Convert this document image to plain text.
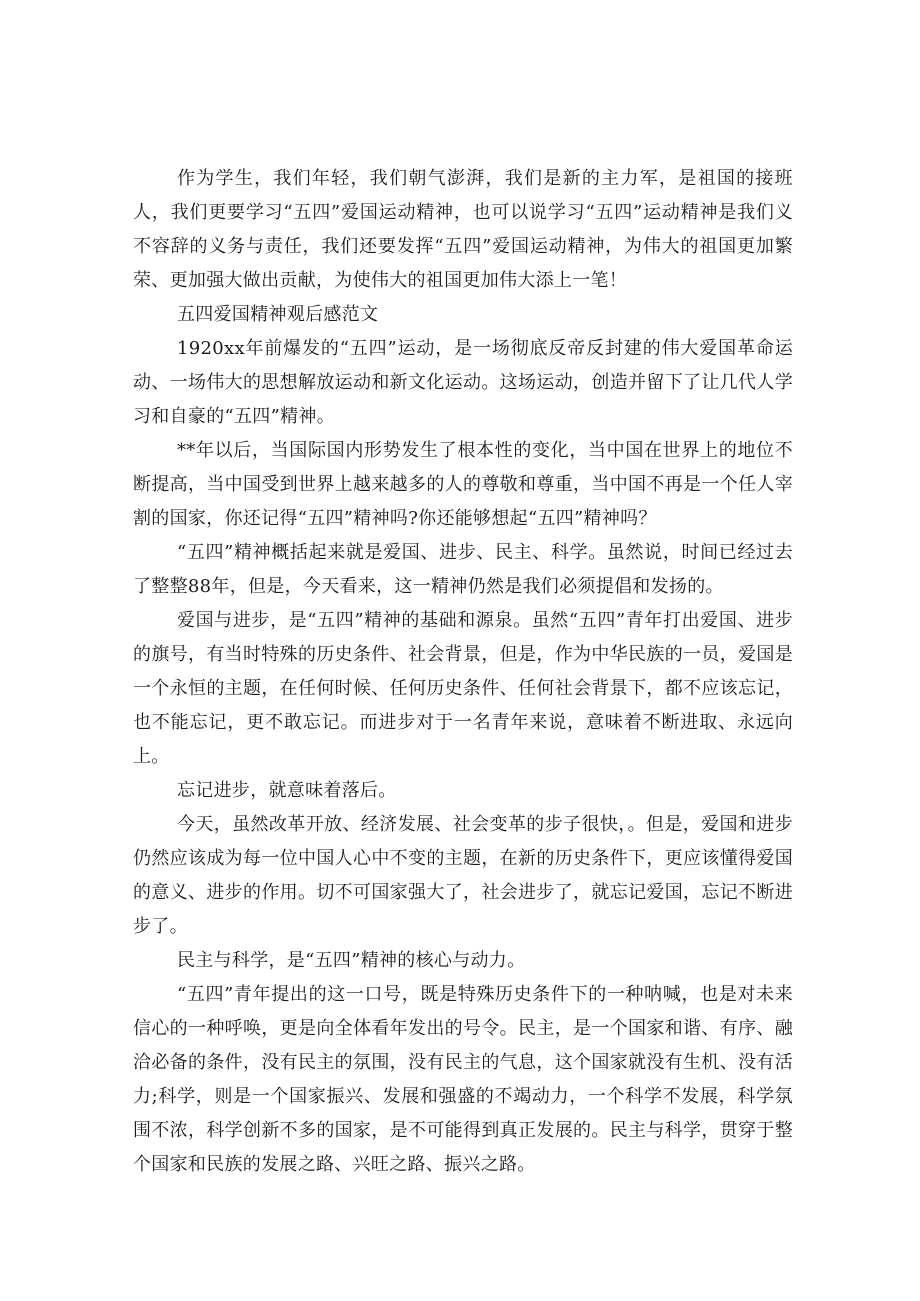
作为学生，我们年轻，我们朝气澎湃，我们是新的主力军，是祖国的接班人，我们更要学习“五四”爱国运动精神，也可以说学习“五四”运动精神是我们义不容辞的义务与责任，我们还要发挥“五四”爱国运动精神，为伟大的祖国更加繁荣、更加强大做出贡献，为使伟大的祖国更加伟大添上一笔！

五四爱国精神观后感范文

1920xx年前爆发的“五四”运动，是一场彻底反帝反封建的伟大爱国革命运动、一场伟大的思想解放运动和新文化运动。这场运动，创造并留下了让几代人学习和自豪的“五四”精神。

**年以后，当国际国内形势发生了根本性的变化，当中国在世界上的地位不断提高，当中国受到世界上越来越多的人的尊敬和尊重，当中国不再是一个任人宰割的国家，你还记得“五四”精神吗?你还能够想起“五四”精神吗？

“五四”精神概括起来就是爱国、进步、民主、科学。虽然说，时间已经过去了整整88年，但是，今天看来，这一精神仍然是我们必须提倡和发扬的。

爱国与进步，是“五四”精神的基础和源泉。虽然“五四”青年打出爱国、进步的旗号，有当时特殊的历史条件、社会背景，但是，作为中华民族的一员，爱国是一个永恒的主题，在任何时候、任何历史条件、任何社会背景下，都不应该忘记，也不能忘记，更不敢忘记。而进步对于一名青年来说，意味着不断进取、永远向上。

忘记进步，就意味着落后。

今天，虽然改革开放、经济发展、社会变革的步子很快，。但是，爱国和进步仍然应该成为每一位中国人心中不变的主题，在新的历史条件下，更应该懂得爱国的意义、进步的作用。切不可国家强大了，社会进步了，就忘记爱国，忘记不断进步了。

民主与科学，是“五四”精神的核心与动力。

“五四”青年提出的这一口号，既是特殊历史条件下的一种呐喊，也是对未来信心的一种呼唤，更是向全体看年发出的号令。民主，是一个国家和谐、有序、融洽必备的条件，没有民主的氛围，没有民主的气息，这个国家就没有生机、没有活力;科学，则是一个国家振兴、发展和强盛的不竭动力，一个科学不发展，科学氛围不浓，科学创新不多的国家，是不可能得到真正发展的。民主与科学，贯穿于整个国家和民族的发展之路、兴旺之路、振兴之路。
